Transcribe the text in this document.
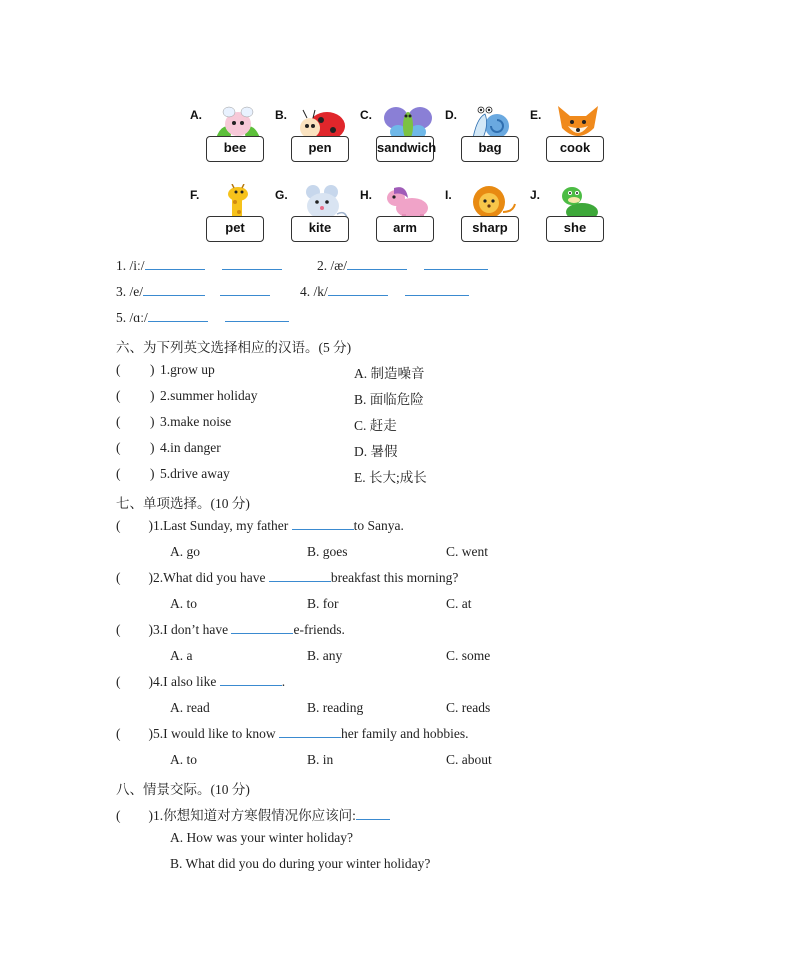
A.
bee
B.
pen
C.
sandwich
D.
bag
E.
cook
F.
pet
G.
kite
H.
arm
I.
sharp
J.
she
1. /iː/	2. /æ/
3. /e/	4. /k/
5. /ɑː/
六、为下列英文选择相应的汉语。(5 分)
( ) 1.grow up	A. 制造噪音
( ) 2.summer holiday	B. 面临危险
( ) 3.make noise	C. 赶走
( ) 4.in danger	D. 暑假
( ) 5.drive away	E. 长大;成长
七、单项选择。(10 分)
( )1.Last Sunday, my father	to Sanya.
A. go	B. goes	C. went
( )2.What did you have	breakfast this morning?
A. to	B. for	C. at
( )3.I don’t have	e-friends.
A. a	B. any	C. some
( )4.I also like	.
A. read	B. reading	C. reads
( )5.I would like to know	her family and hobbies.
A. to	B. in	C. about
八、情景交际。(10 分)
( )1.你想知道对方寒假情况你应该问:
A. How was your winter holiday?
B. What did you do during your winter holiday?
